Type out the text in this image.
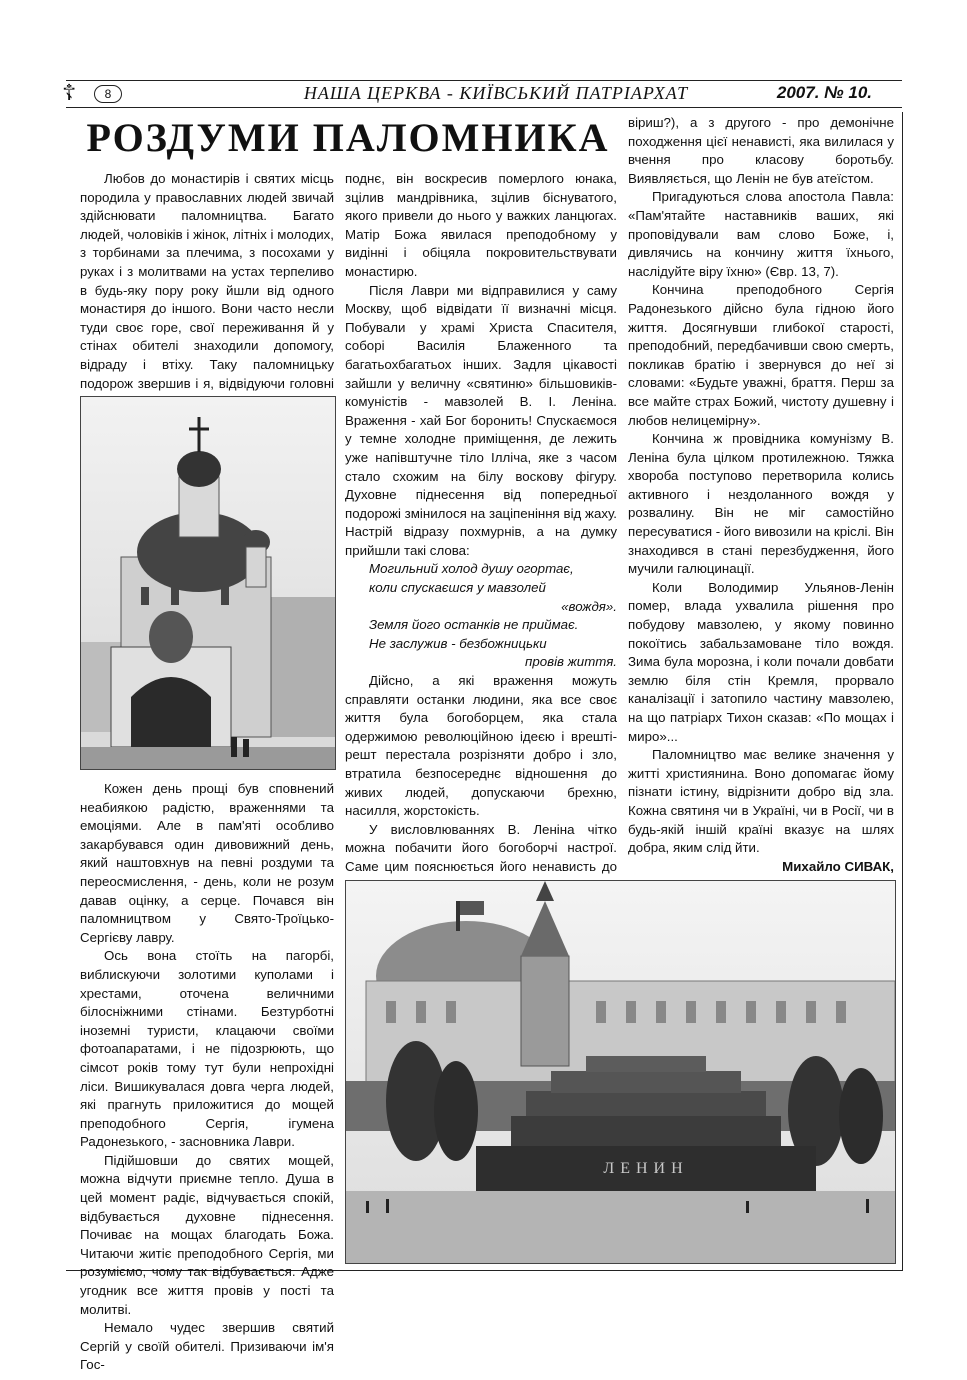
☦	8	НАША ЦЕРКВА - КИЇВСЬКИЙ ПАТРІАРХАТ	2007. № 10.
РОЗДУМИ ПАЛОМНИКА

Любов до монастирів і святих місць породила у православних людей звичай здійснювати паломництва. Багато людей, чоловіків і жінок, літніх і молодих, з торбинами за плечима, з посохами у руках і з молитвами на устах терпеливо в будь-яку пору року йшли від одного монастиря до іншого. Вони часто несли туди своє горе, свої переживання й у стінах обителі знаходили допомогу, відраду і втіху. Таку паломницьку подорож звершив і я, відвідуючи головні

Кожен день прощі був сповнений неабиякою радістю, враженнями та емоціями. Але в пам'яті особливо закарбувався один дивовижний день, який наштовхнув на певні роздуми та переосмислення, - день, коли не розум давав оцінку, а серце. Почався він паломництвом у Свято-Троїцько-Сергієву лавру.

Ось вона стоїть на пагорбі, виблискуючи золотими куполами і хрестами, оточена величними білосніжними стінами. Безтурботні іноземні туристи, клацаючи своїми фотоапаратами, і не підозрюють, що сімсот років тому тут були непрохідні ліси. Вишикувалася довга черга людей, які прагнуть приложитися до мощей преподобного Сергія, ігумена Радонезького, - засновника Лаври.

Підійшовши до святих мощей, можна відчути приємне тепло. Душа в цей момент радіє, відчувається спокій, відбувається духовне піднесення. Почиває на мощах благодать Божа. Читаючи житіє преподобного Сергія, ми розуміємо, чому так відбувається. Адже угодник все життя провів у пості та молитві.

Немало чудес звершив святий Сергій у своїй обителі. Призиваючи ім'я Гос-

поднє, він воскресив померлого юнака, зцілив мандрівника, зцілив біснуватого, якого привели до нього у важких ланцюгах. Матір Божа явилася преподобному у видінні і обіцяла покровительствувати монастирю.

Після Лаври ми відправилися у саму Москву, щоб відвідати її визначні місця. Побували у храмі Христа Спасителя, соборі Василія Блаженного та багатьохбагатьох інших. Задля цікавості зайшли у величну «святиню» більшовиків-комуністів - мавзолей В. І. Леніна. Враження - хай Бог боронить! Спускаємося у темне холодне приміщення, де лежить уже напівштучне тіло Ілліча, яке з часом стало схожим на білу воскову фігуру. Духовне піднесення від попередньої подорожі змінилося на заціпеніння від жаху. Настрій відразу похмурнів, а на думку прийшли такі слова:

Могильний холод душу огортає,
коли спускаєшся у мавзолей
«вождя».
Земля його останків не приймає.
Не заслужив - безбожницьки
провів життя.

Дійсно, а які враження можуть справляти останки людини, яка все своє життя була богоборцем, яка стала одержимою революційною ідеєю і врешті-решт перестала розрізняти добро і зло, втратила безпосереднє відношення до живих людей, допускаючи брехню, насилля, жорстокість.

У висловлюваннях В. Леніна чітко можна побачити його богоборчі настрої. Саме цим пояснюється його ненависть до

віриш?), а з другого - про демонічне походження цієї ненависті, яка вилилася у вчення про класову боротьбу. Виявляється, що Ленін не був атеїстом.

Пригадуються слова апостола Павла: «Пам'ятайте наставників ваших, які проповідували вам слово Боже, і, дивлячись на кончину життя їхнього, наслідуйте віру їхню» (Євр. 13, 7).

Кончина преподобного Сергія Радонезького дійсно була гідною його життя. Досягнувши глибокої старості, преподобний, передбачивши свою смерть, покликав братію і звернувся до неї зі словами: «Будьте уважні, браття. Перш за все майте страх Божий, чистоту душевну і любов нелицемірну».

Кончина ж провідника комунізму В. Леніна була цілком протилежною. Тяжка хвороба поступово перетворила колись активного і нездоланного вождя у розвалину. Він не міг самостійно пересуватися - його вивозили на кріслі. Він знаходився в стані перезбудження, його мучили галюцинації.

Коли Володимир Ульянов-Ленін помер, влада ухвалила рішення про побудову мавзолею, у якому повинно покоїтись забальзамоване тіло вождя. Зима була морозна, і коли почали довбати землю біля стін Кремля, прорвало каналізації і затопило частину мавзолею, на що патріарх Тихон сказав: «По мощах і миро»...

Паломництво має велике значення у житті християнина. Воно допомагає йому пізнати істину, відрізнити добро від зла. Кожна святиня чи в Україні, чи в Росії, чи в будь-якій іншій країні вказує на шлях добра, яким слід йти.

Михайло СИВАК,
ЛЕНИН
